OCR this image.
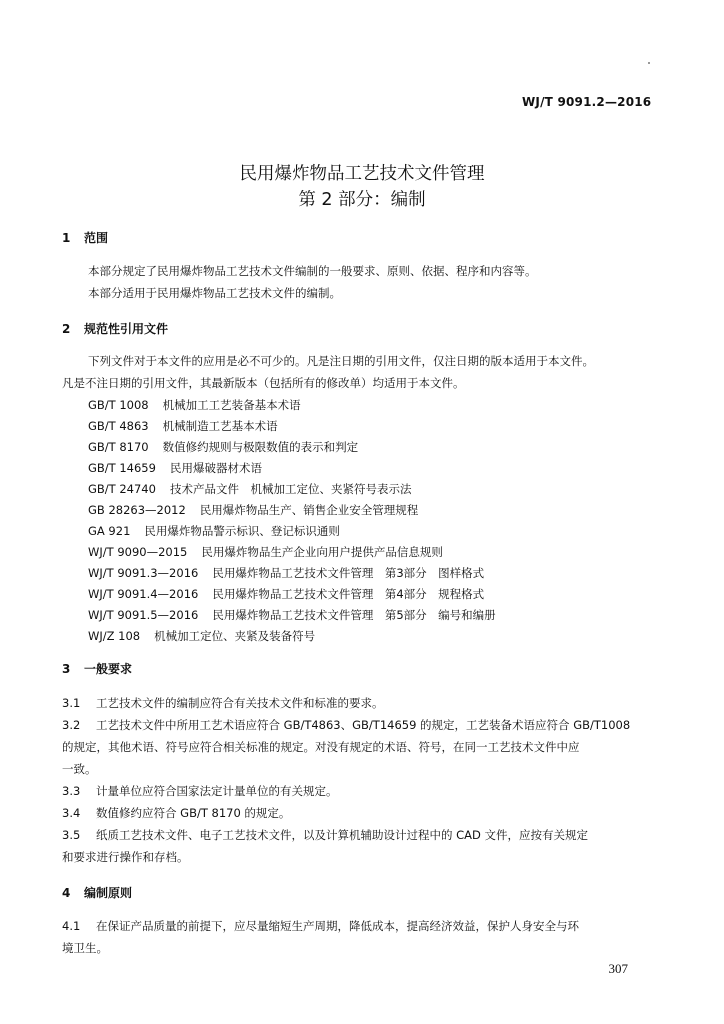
WJ/T 9091.2—2016
民用爆炸物品工艺技术文件管理
第 2 部分：编制
1 范围
本部分规定了民用爆炸物品工艺技术文件编制的一般要求、原则、依据、程序和内容等。
本部分适用于民用爆炸物品工艺技术文件的编制。
2 规范性引用文件
下列文件对于本文件的应用是必不可少的。凡是注日期的引用文件，仅注日期的版本适用于本文件。
凡是不注日期的引用文件，其最新版本（包括所有的修改单）均适用于本文件。
GB/T 1008 机械加工工艺装备基本术语
GB/T 4863 机械制造工艺基本术语
GB/T 8170 数值修约规则与极限数值的表示和判定
GB/T 14659 民用爆破器材术语
GB/T 24740 技术产品文件　机械加工定位、夹紧符号表示法
GB 28263—2012 民用爆炸物品生产、销售企业安全管理规程
GA 921 民用爆炸物品警示标识、登记标识通则
WJ/T 9090—2015 民用爆炸物品生产企业向用户提供产品信息规则
WJ/T 9091.3—2016 民用爆炸物品工艺技术文件管理　第3部分　图样格式
WJ/T 9091.4—2016 民用爆炸物品工艺技术文件管理　第4部分　规程格式
WJ/T 9091.5—2016 民用爆炸物品工艺技术文件管理　第5部分　编号和编册
WJ/Z 108 机械加工定位、夹紧及装备符号
3 一般要求
3.1 工艺技术文件的编制应符合有关技术文件和标准的要求。
3.2 工艺技术文件中所用工艺术语应符合 GB/T4863、GB/T14659 的规定，工艺装备术语应符合 GB/T1008
的规定，其他术语、符号应符合相关标准的规定。对没有规定的术语、符号，在同一工艺技术文件中应
一致。
3.3 计量单位应符合国家法定计量单位的有关规定。
3.4 数值修约应符合 GB/T 8170 的规定。
3.5 纸质工艺技术文件、电子工艺技术文件，以及计算机辅助设计过程中的 CAD 文件，应按有关规定
和要求进行操作和存档。
4 编制原则
4.1 在保证产品质量的前提下，应尽量缩短生产周期，降低成本，提高经济效益，保护人身安全与环
境卫生。
307
